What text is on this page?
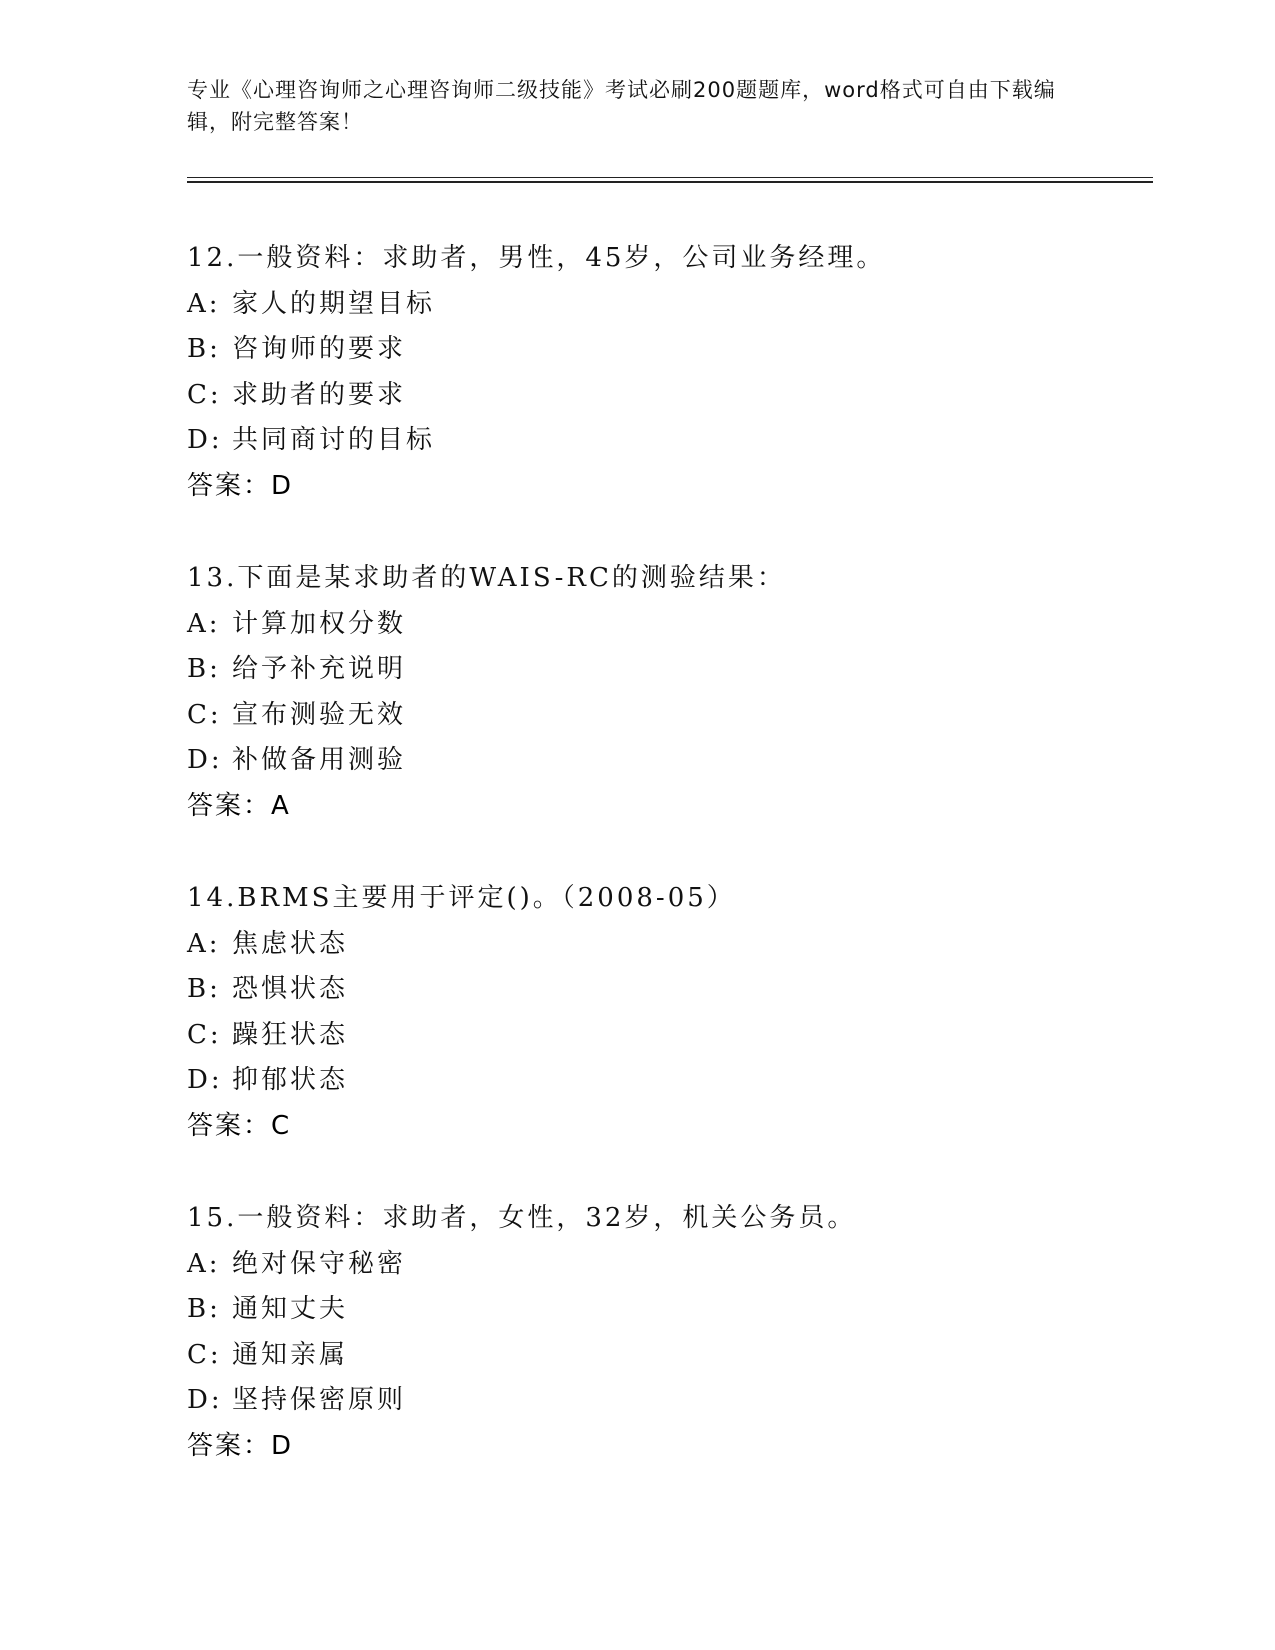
专业《心理咨询师之心理咨询师二级技能》考试必刷200题题库，word格式可自由下载编辑，附完整答案！
12.一般资料：求助者，男性，45岁，公司业务经理。
A: 家人的期望目标
B: 咨询师的要求
C: 求助者的要求
D: 共同商讨的目标
答案：D
13.下面是某求助者的WAIS-RC的测验结果：
A: 计算加权分数
B: 给予补充说明
C: 宣布测验无效
D: 补做备用测验
答案：A
14.BRMS主要用于评定()。（2008-05）
A: 焦虑状态
B: 恐惧状态
C: 躁狂状态
D: 抑郁状态
答案：C
15.一般资料：求助者，女性，32岁，机关公务员。
A: 绝对保守秘密
B: 通知丈夫
C: 通知亲属
D: 坚持保密原则
答案：D
